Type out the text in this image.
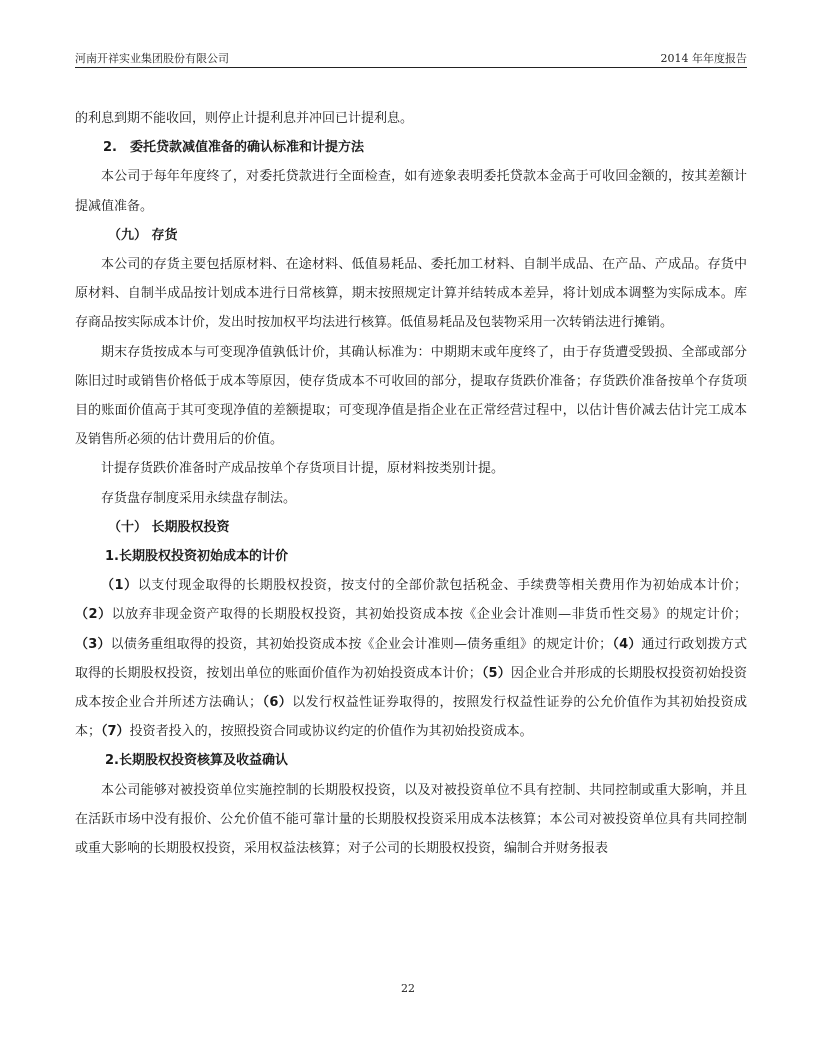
河南开祥实业集团股份有限公司	2014 年年度报告

的利息到期不能收回，则停止计提利息并冲回已计提利息。

2.　委托贷款减值准备的确认标准和计提方法

本公司于每年年度终了，对委托贷款进行全面检查，如有迹象表明委托贷款本金高于可收回金额的，按其差额计提减值准备。

（九） 存货

本公司的存货主要包括原材料、在途材料、低值易耗品、委托加工材料、自制半成品、在产品、产成品。存货中原材料、自制半成品按计划成本进行日常核算，期末按照规定计算并结转成本差异，将计划成本调整为实际成本。库存商品按实际成本计价，发出时按加权平均法进行核算。低值易耗品及包装物采用一次转销法进行摊销。

期末存货按成本与可变现净值孰低计价，其确认标准为：中期期末或年度终了，由于存货遭受毁损、全部或部分陈旧过时或销售价格低于成本等原因，使存货成本不可收回的部分，提取存货跌价准备；存货跌价准备按单个存货项目的账面价值高于其可变现净值的差额提取；可变现净值是指企业在正常经营过程中，以估计售价减去估计完工成本及销售所必须的估计费用后的价值。

计提存货跌价准备时产成品按单个存货项目计提，原材料按类别计提。

存货盘存制度采用永续盘存制法。

（十） 长期股权投资
1.长期股权投资初始成本的计价

（1）以支付现金取得的长期股权投资，按支付的全部价款包括税金、手续费等相关费用作为初始成本计价；（2）以放弃非现金资产取得的长期股权投资，其初始投资成本按《企业会计准则—非货币性交易》的规定计价；（3）以债务重组取得的投资，其初始投资成本按《企业会计准则—债务重组》的规定计价；（4）通过行政划拨方式取得的长期股权投资，按划出单位的账面价值作为初始投资成本计价；（5）因企业合并形成的长期股权投资初始投资成本按企业合并所述方法确认；（6）以发行权益性证券取得的，按照发行权益性证券的公允价值作为其初始投资成本；（7）投资者投入的，按照投资合同或协议约定的价值作为其初始投资成本。

2.长期股权投资核算及收益确认

本公司能够对被投资单位实施控制的长期股权投资，以及对被投资单位不具有控制、共同控制或重大影响，并且在活跃市场中没有报价、公允价值不能可靠计量的长期股权投资采用成本法核算；本公司对被投资单位具有共同控制或重大影响的长期股权投资，采用权益法核算；对子公司的长期股权投资，编制合并财务报表

22
